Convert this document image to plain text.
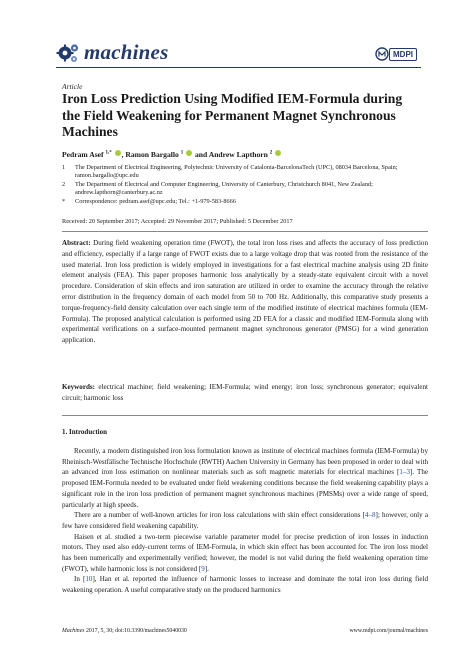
machines	MDPI
Article
Iron Loss Prediction Using Modified IEM-Formula during the Field Weakening for Permanent Magnet Synchronous Machines
Pedram Asef $^{1,*}$ , Ramon Bargallo $^1$ and Andrew Lapthorn $^2$
1	The Department of Electrical Engineering, Polytechnic University of Catalonia-BarcelonaTech (UPC), 08034 Barcelona, Spain; ramon.bargallo@upc.edu
2	The Department of Electrical and Computer Engineering, University of Canterbury, Christchurch 8041, New Zealand; andrew.lapthorn@canterbury.ac.nz
*	Correspondence: pedram.asef@upc.edu; Tel.: +1-979-583-8666
Received: 20 September 2017; Accepted: 29 November 2017; Published: 5 December 2017
Abstract: During field weakening operation time (FWOT), the total iron loss rises and affects the accuracy of loss prediction and efficiency, especially if a large range of FWOT exists due to a large voltage drop that was rooted from the resistance of the used material. Iron loss prediction is widely employed in investigations for a fast electrical machine analysis using 2D finite element analysis (FEA). This paper proposes harmonic loss analytically by a steady-state equivalent circuit with a novel procedure. Consideration of skin effects and iron saturation are utilized in order to examine the accuracy through the relative error distribution in the frequency domain of each model from 50 to 700 Hz. Additionally, this comparative study presents a torque-frequency-field density calculation over each single term of the modified institute of electrical machines formula (IEM-Formula). The proposed analytical calculation is performed using 2D FEA for a classic and modified IEM-Formula along with experimental verifications on a surface-mounted permanent magnet synchronous generator (PMSG) for a wind generation application.
Keywords: electrical machine; field weakening; IEM-Formula; wind energy; iron loss; synchronous generator; equivalent circuit; harmonic loss
1. Introduction

Recently, a modern distinguished iron loss formulation known as institute of electrical machines formula (IEM-Formula) by Rheinisch-Westfälische Technische Hochschule (RWTH) Aachen University in Germany has been proposed in order to deal with an advanced iron loss estimation on nonlinear materials such as soft magnetic materials for electrical machines [1–3]. The proposed IEM-Formula needed to be evaluated under field weakening conditions because the field weakening capability plays a significant role in the iron loss prediction of permanent magnet synchronous machines (PMSMs) over a wide range of speed, particularly at high speeds.

There are a number of well-known articles for iron loss calculations with skin effect considerations [4–8]; however, only a few have considered field weakening capability.

Haisen et al. studied a two-term piecewise variable parameter model for precise prediction of iron losses in induction motors. They used also eddy-current terms of IEM-Formula, in which skin effect has been accounted for. The iron loss model has been numerically and experimentally verified; however, the model is not valid during the field weakening operation time (FWOT), while harmonic loss is not considered [9].

In [10], Han et al. reported the influence of harmonic losses to increase and dominate the total iron loss during field weakening operation. A useful comparative study on the produced harmonics

Machines 2017, 5, 30; doi:10.3390/machines5040030	www.mdpi.com/journal/machines
